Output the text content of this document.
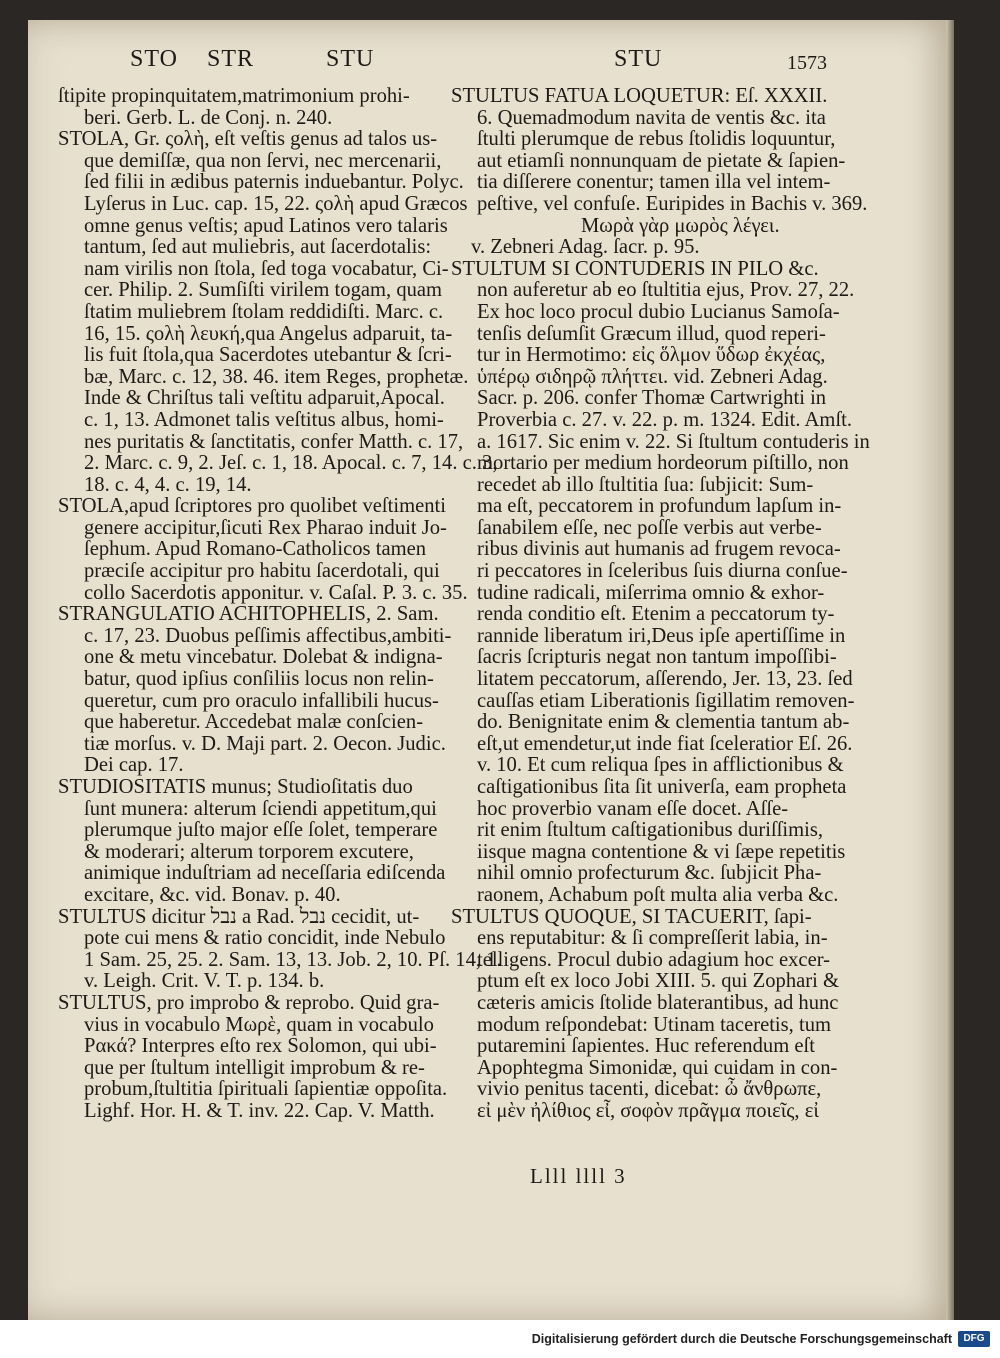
STO STR	STU	STU	1573
ſtipite propinquitatem,matrimonium prohi-
beri. Gerb. L. de Conj. n. 240.
STOLA, Gr. ςολὴ, eſt veſtis genus ad talos us-
que demiſſæ, qua non ſervi, nec mercenarii,
ſed filii in ædibus paternis induebantur. Polyc.
Lyſerus in Luc. cap. 15, 22. ςολὴ apud Græcos
omne genus veſtis; apud Latinos vero talaris
tantum, ſed aut muliebris, aut ſacerdotalis:
nam virilis non ſtola, ſed toga vocabatur, Ci-
cer. Philip. 2. Sumſiſti virilem togam, quam
ſtatim muliebrem ſtolam reddidiſti. Marc. c.
16, 15. ςολὴ λευκή,qua Angelus adparuit, ta-
lis fuit ſtola,qua Sacerdotes utebantur & ſcri-
bæ, Marc. c. 12, 38. 46. item Reges, prophetæ.
Inde & Chriſtus tali veſtitu adparuit,Apocal.
c. 1, 13. Admonet talis veſtitus albus, homi-
nes puritatis & ſanctitatis, confer Matth. c. 17,
2. Marc. c. 9, 2. Jeſ. c. 1, 18. Apocal. c. 7, 14. c. 3,
18. c. 4, 4. c. 19, 14.
STOLA,apud ſcriptores pro quolibet veſtimenti
genere accipitur,ſicuti Rex Pharao induit Jo-
ſephum. Apud Romano-Catholicos tamen
præciſe accipitur pro habitu ſacerdotali, qui
collo Sacerdotis apponitur. v. Caſal. P. 3. c. 35.
STRANGULATIO ACHITOPHELIS, 2. Sam.
c. 17, 23. Duobus peſſimis affectibus,ambiti-
one & metu vincebatur. Dolebat & indigna-
batur, quod ipſius conſiliis locus non relin-
queretur, cum pro oraculo infallibili hucus-
que haberetur. Accedebat malæ conſcien-
tiæ morſus. v. D. Maji part. 2. Oecon. Judic.
Dei cap. 17.
STUDIOSITATIS munus; Studioſitatis duo
ſunt munera: alterum ſciendi appetitum,qui
plerumque juſto major eſſe ſolet, temperare
& moderari; alterum torporem excutere,
animique induſtriam ad neceſſaria ediſcenda
excitare, &c. vid. Bonav. p. 40.
STULTUS dicitur נבל a Rad. נבל cecidit, ut-
pote cui mens & ratio concidit, inde Nebulo
1 Sam. 25, 25. 2. Sam. 13, 13. Job. 2, 10. Pſ. 14, 1.
v. Leigh. Crit. V. T. p. 134. b.
STULTUS, pro improbo & reprobo. Quid gra-
vius in vocabulo Μωρὲ, quam in vocabulo
Ρακά? Interpres eſto rex Solomon, qui ubi-
que per ſtultum intelligit improbum & re-
probum,ſtultitia ſpirituali ſapientiæ oppoſita.
Lighf. Hor. H. & T. inv. 22. Cap. V. Matth.
STULTUS FATUA LOQUETUR: Eſ. XXXII.
6. Quemadmodum navita de ventis &c. ita
ſtulti plerumque de rebus ſtolidis loquuntur,
aut etiamſi nonnunquam de pietate & ſapien-
tia diſſerere conentur; tamen illa vel intem-
peſtive, vel confuſe. Euripides in Bachis v. 369.
Μωρὰ γὰρ μωρὸς λέγει.
v. Zebneri Adag. ſacr. p. 95.
STULTUM SI CONTUDERIS IN PILO &c.
non auferetur ab eo ſtultitia ejus, Prov. 27, 22.
Ex hoc loco procul dubio Lucianus Samoſa-
tenſis deſumſit Græcum illud, quod reperi-
tur in Hermotimo: εἰς ὅλμον ὕδωρ ἐκχέας,
ὑπέρῳ σιδηρῷ πλήττει. vid. Zebneri Adag.
Sacr. p. 206. confer Thomæ Cartwrighti in
Proverbia c. 27. v. 22. p. m. 1324. Edit. Amſt.
a. 1617. Sic enim v. 22. Si ſtultum contuderis in
mortario per medium hordeorum piſtillo, non
recedet ab illo ſtultitia ſua: ſubjicit: Sum-
ma eſt, peccatorem in profundum lapſum in-
ſanabilem eſſe, nec poſſe verbis aut verbe-
ribus divinis aut humanis ad frugem revoca-
ri peccatores in ſceleribus ſuis diurna conſue-
tudine radicali, miſerrima omnio & exhor-
renda conditio eſt. Etenim a peccatorum ty-
rannide liberatum iri,Deus ipſe apertiſſime in
ſacris ſcripturis negat non tantum impoſſibi-
litatem peccatorum, aſſerendo, Jer. 13, 23. ſed
cauſſas etiam Liberationis ſigillatim removen-
do. Benignitate enim & clementia tantum ab-
eſt,ut emendetur,ut inde fiat ſceleratior Eſ. 26.
v. 10. Et cum reliqua ſpes in afflictionibus &
caſtigationibus ſita ſit univerſa, eam propheta
hoc proverbio vanam eſſe docet. Aſſe-
rit enim ſtultum caſtigationibus duriſſimis,
iisque magna contentione & vi ſæpe repetitis
nihil omnio profecturum &c. ſubjicit Pha-
raonem, Achabum poſt multa alia verba &c.
STULTUS QUOQUE, SI TACUERIT, ſapi-
ens reputabitur: & ſi compreſſerit labia, in-
telligens. Procul dubio adagium hoc excer-
ptum eſt ex loco Jobi XIII. 5. qui Zophari &
cæteris amicis ſtolide blaterantibus, ad hunc
modum reſpondebat: Utinam taceretis, tum
putaremini ſapientes. Huc referendum eſt
Apophtegma Simonidæ, qui cuidam in con-
vivio penitus tacenti, dicebat: ὦ ἄνθρωπε,
εἰ μὲν ἠλίθιος εἶ, σοφὸν πρᾶγμα ποιεῖς, εἰ
Llll llll 3
Digitalisierung gefördert durch die Deutsche Forschungsgemeinschaft	DFG
